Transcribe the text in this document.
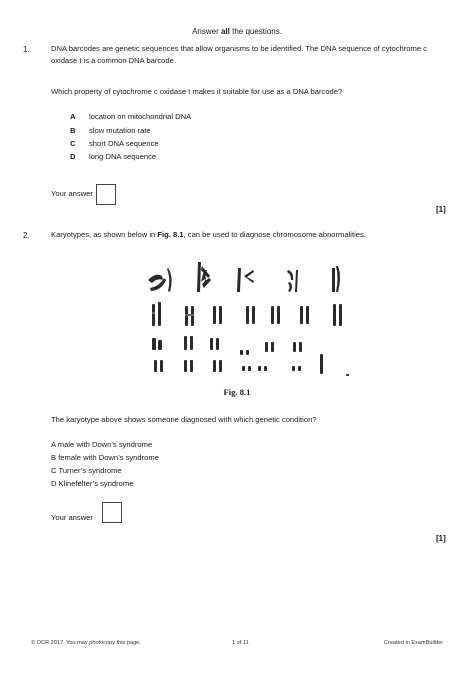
Answer all the questions.
1.	DNA barcodes are genetic sequences that allow organisms to be identified. The DNA sequence of cytochrome c
oxidase I is a common DNA barcode.
Which property of cytochrome c oxidase I makes it suitable for use as a DNA barcode?
A location on mitochondrial DNA
B slow mutation rate
C short DNA sequence
D long DNA sequence
Your answer
[1]
2.	Karyotypes, as shown below in Fig. 8.1, can be used to diagnose chromosome abnormalities.
Fig. 8.1
The karyotype above shows someone diagnosed with which genetic condition?
A male with Down’s syndrome
B female with Down’s syndrome
C Turner’s syndrome
D Klinefelter’s syndrome
Your answer
[1]
© OCR 2017. You may photocopy this page.	1 of 11	Created in ExamBuilder
